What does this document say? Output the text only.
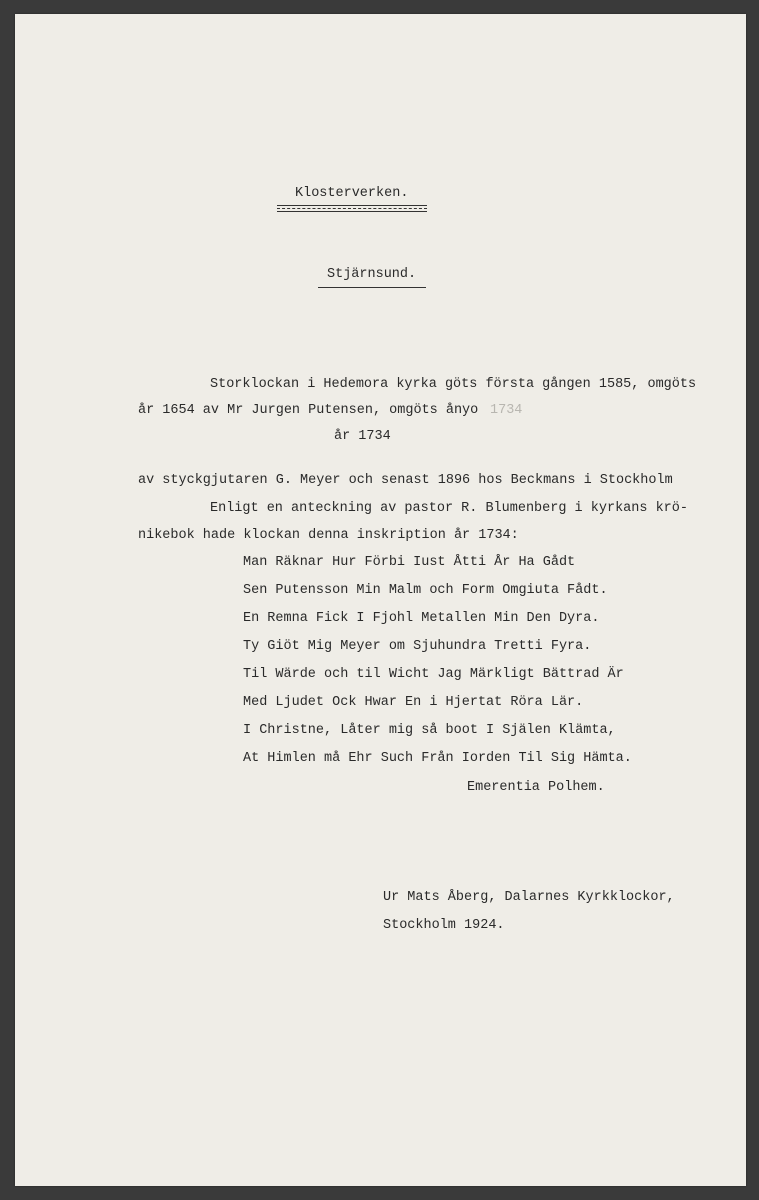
Klosterverken.
Stjärnsund.
Storklockan i Hedemora kyrka göts första gången 1585, omgöts
år 1654 av Mr Jurgen Putensen, omgöts ånyo 1734
år 1734
av styckgjutaren G. Meyer och senast 1896 hos Beckmans i Stockholm
Enligt en anteckning av pastor R. Blumenberg i kyrkans krö-
nikebok hade klockan denna inskription år 1734:
Man Räknar Hur Förbi Iust Åtti År Ha Gådt
Sen Putensson Min Malm och Form Omgiuta Fådt.
En Remna Fick I Fjohl Metallen Min Den Dyra.
Ty Giöt Mig Meyer om Sjuhundra Tretti Fyra.
Til Wärde och til Wicht Jag Märkligt Bättrad Är
Med Ljudet Ock Hwar En i Hjertat Röra Lär.
I Christne, Låter mig så boot I Själen Klämta,
At Himlen må Ehr Such Från Iorden Til Sig Hämta.
Emerentia Polhem.
Ur Mats Åberg, Dalarnes Kyrkklockor,
Stockholm 1924.
